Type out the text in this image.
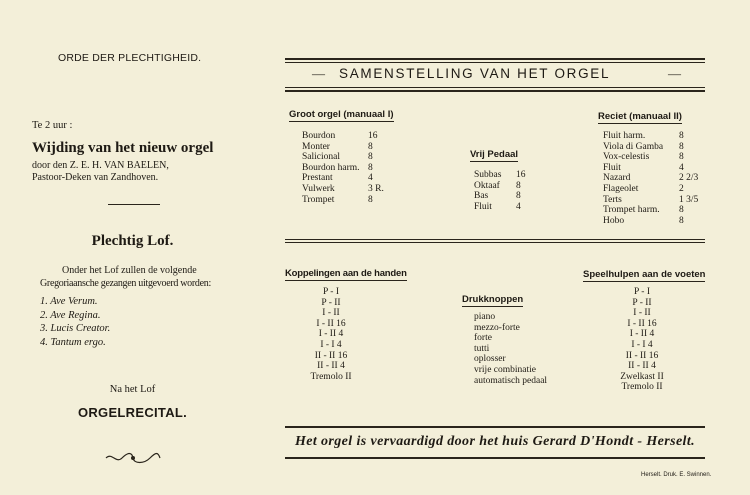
ORDE DER PLECHTIGHEID.
Te 2 uur :
Wijding van het nieuw orgel
door den Z. E. H. VAN BAELEN,
Pastoor-Deken van Zandhoven.
Plechtig Lof.
Onder het Lof zullen de volgende
Gregoriaansche gezangen uitgevoerd worden:
1. Ave Verum.
2. Ave Regina.
3. Lucis Creator.
4. Tantum ergo.
Na het Lof
ORGELRECITAL.
— SAMENSTELLING VAN HET ORGEL	—
Groot orgel (manuaal I)
Bourdon	16
Monter	8
Salicional	8
Bourdon harm. 8
Prestant	4
Vulwerk	3 R.
Trompet	8
Vrij Pedaal
Subbas	16
Oktaaf	8
Bas	8
Fluit	4
Reciet (manuaal II)
Fluit harm.	8
Viola di Gamba	8
Vox-celestis	8
Fluit	4
Nazard	2 2/3
Flageolet	2
Terts	1 3/5
Trompet harm.	8
Hobo	8
Koppelingen aan de handen
P - I
P - II
I - II
I - II 16
I - II 4
I - I 4
II - II 16
II - II 4
Tremolo II
Drukknoppen
piano
mezzo-forte
forte
tutti
oplosser
vrije combinatie
automatisch pedaal
Speelhulpen aan de voeten
P - I
P - II
I - II
I - II 16
I - II 4
I - I 4
II - II 16
II - II 4
Zwelkast II
Tremolo II
Het orgel is vervaardigd door het huis Gerard D'Hondt - Herselt.
Herselt. Druk. E. Swinnen.
